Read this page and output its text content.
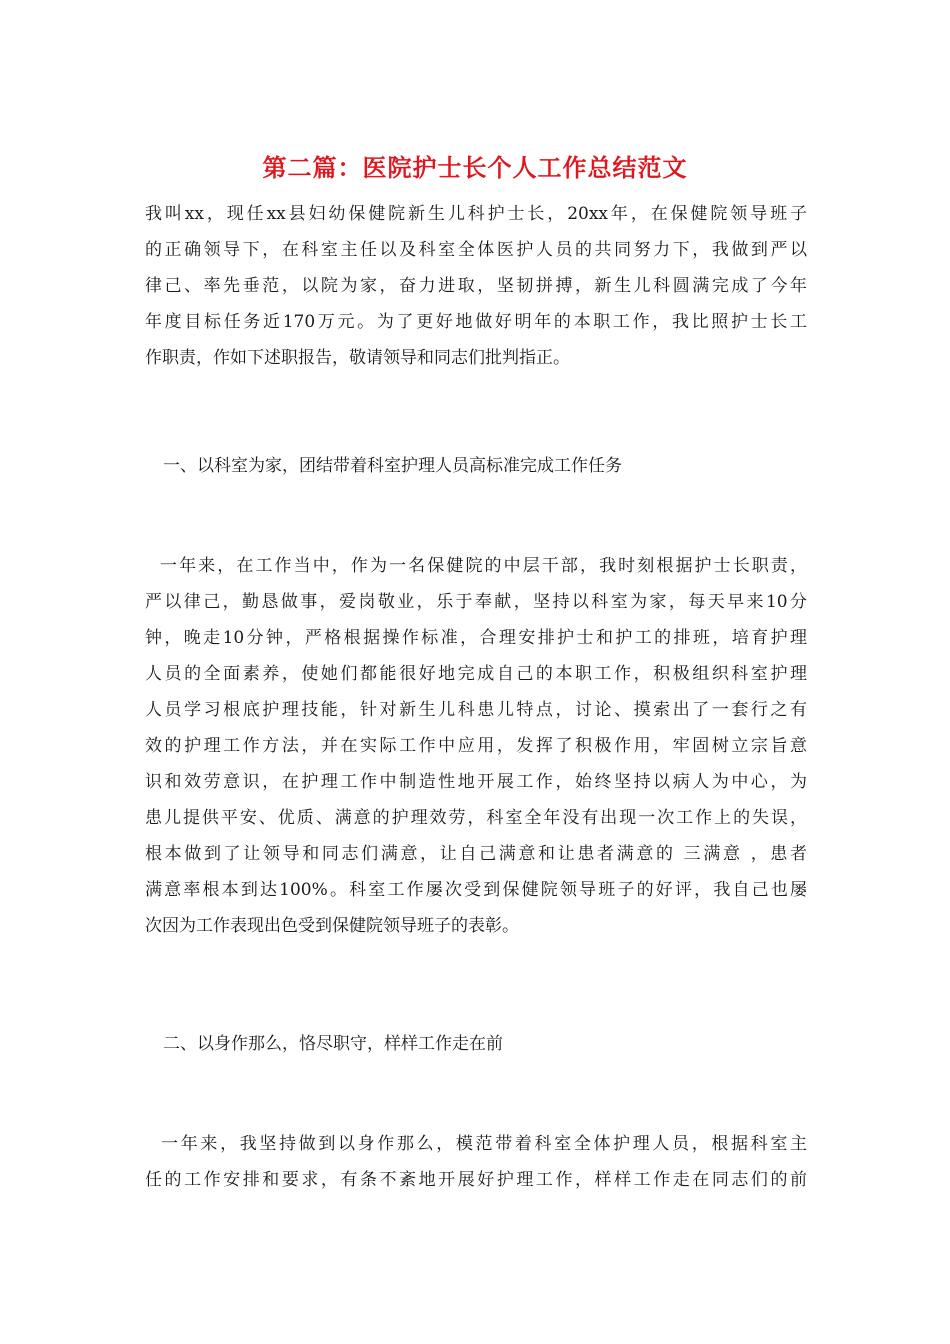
第二篇：医院护士长个人工作总结范文
我叫xx，现任xx县妇幼保健院新生儿科护士长，20xx年，在保健院领导班子
的正确领导下，在科室主任以及科室全体医护人员的共同努力下，我做到严以
律己、率先垂范，以院为家，奋力进取，坚韧拼搏，新生儿科圆满完成了今年
年度目标任务近170万元。为了更好地做好明年的本职工作，我比照护士长工
作职责，作如下述职报告，敬请领导和同志们批判指正。
一、以科室为家，团结带着科室护理人员高标准完成工作任务
一年来，在工作当中，作为一名保健院的中层干部，我时刻根据护士长职责，
严以律己，勤恳做事，爱岗敬业，乐于奉献，坚持以科室为家，每天早来10分
钟，晚走10分钟，严格根据操作标准，合理安排护士和护工的排班，培育护理
人员的全面素养，使她们都能很好地完成自己的本职工作，积极组织科室护理
人员学习根底护理技能，针对新生儿科患儿特点，讨论、摸索出了一套行之有
效的护理工作方法，并在实际工作中应用，发挥了积极作用，牢固树立宗旨意
识和效劳意识，在护理工作中制造性地开展工作，始终坚持以病人为中心，为
患儿提供平安、优质、满意的护理效劳，科室全年没有出现一次工作上的失误，
根本做到了让领导和同志们满意，让自己满意和让患者满意的 三满意 ，患者
满意率根本到达100%。科室工作屡次受到保健院领导班子的好评，我自己也屡
次因为工作表现出色受到保健院领导班子的表彰。
二、以身作那么，恪尽职守，样样工作走在前
一年来，我坚持做到以身作那么，模范带着科室全体护理人员，根据科室主
任的工作安排和要求，有条不紊地开展好护理工作，样样工作走在同志们的前
